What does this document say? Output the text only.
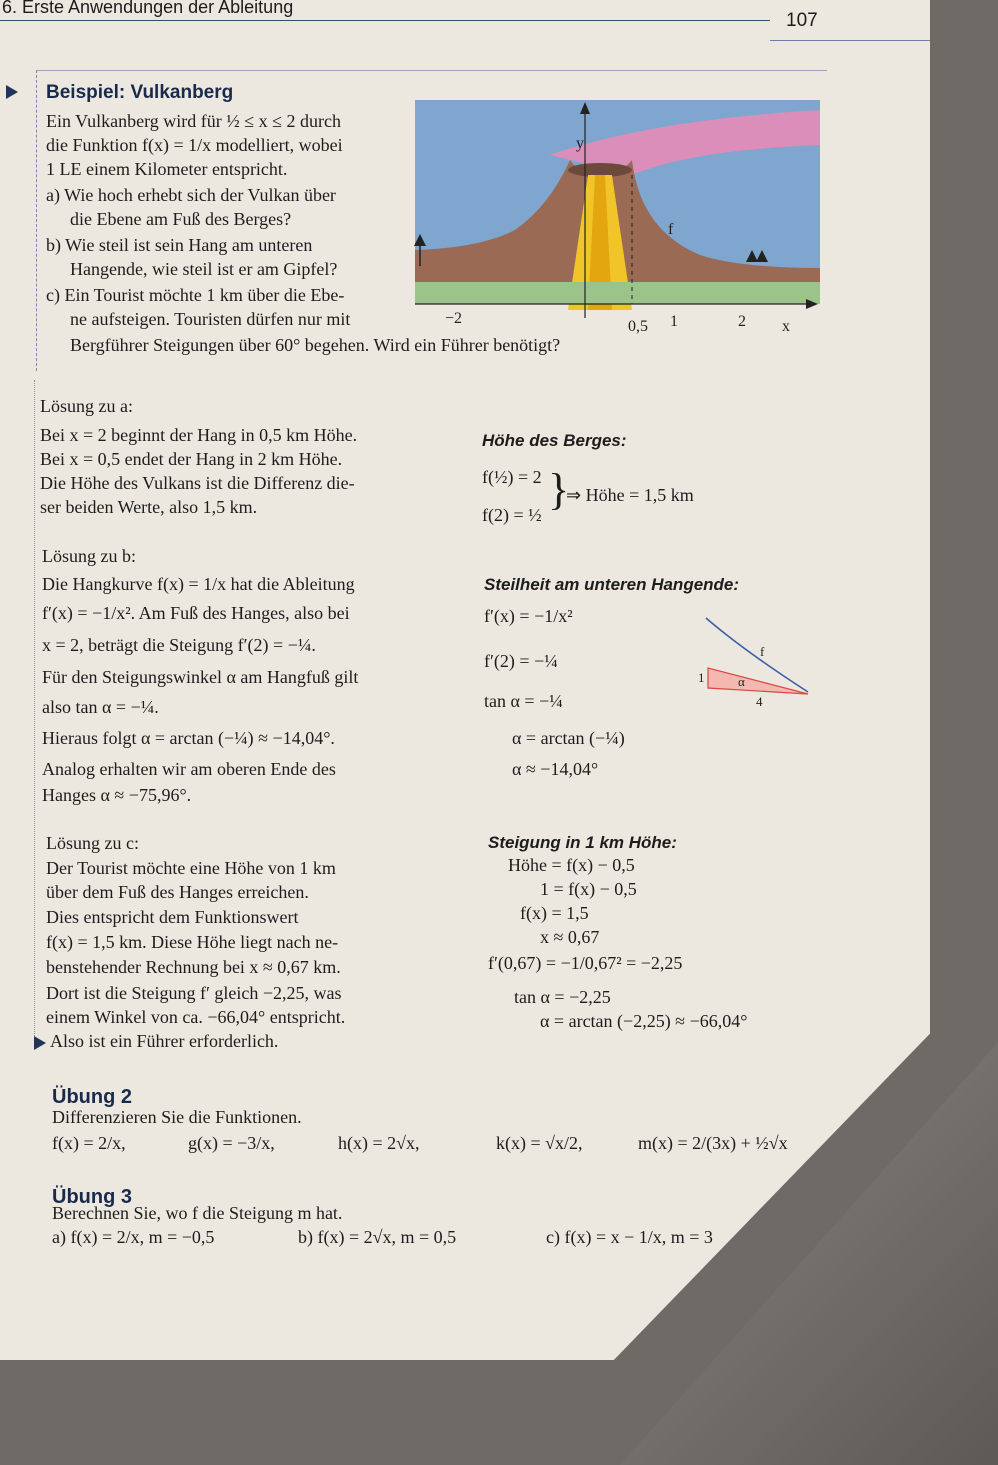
6. Erste Anwendungen der Ableitung
107
Beispiel: Vulkanberg
Ein Vulkanberg wird für ½ ≤ x ≤ 2 durch
die Funktion f(x) = 1/x modelliert, wobei
1 LE einem Kilometer entspricht.
a) Wie hoch erhebt sich der Vulkan über
die Ebene am Fuß des Berges?
b) Wie steil ist sein Hang am unteren
Hangende, wie steil ist er am Gipfel?
c) Ein Tourist möchte 1 km über die Ebe-
ne aufsteigen. Touristen dürfen nur mit
Bergführer Steigungen über 60° begehen. Wird ein Führer benötigt?
y
f
x
−2	0,5 1	2
Lösung zu a:
Bei x = 2 beginnt der Hang in 0,5 km Höhe.
Bei x = 0,5 endet der Hang in 2 km Höhe.
Die Höhe des Vulkans ist die Differenz die-
ser beiden Werte, also 1,5 km.
Höhe des Berges:
f(½) = 2
f(2) = ½
}
⇒ Höhe = 1,5 km
Lösung zu b:
Die Hangkurve f(x) = 1/x hat die Ableitung
f′(x) = −1/x². Am Fuß des Hanges, also bei
x = 2, beträgt die Steigung f′(2) = −¼.
Für den Steigungswinkel α am Hangfuß gilt
also tan α = −¼.
Hieraus folgt α = arctan (−¼) ≈ −14,04°.
Analog erhalten wir am oberen Ende des
Hanges α ≈ −75,96°.
Steilheit am unteren Hangende:
f′(x) = −1/x²
f′(2) = −¼
tan α = −¼
α = arctan (−¼)
α ≈ −14,04°
f
1	α
4
Lösung zu c:
Der Tourist möchte eine Höhe von 1 km
über dem Fuß des Hanges erreichen.
Dies entspricht dem Funktionswert
f(x) = 1,5 km. Diese Höhe liegt nach ne-
benstehender Rechnung bei x ≈ 0,67 km.
Dort ist die Steigung f′ gleich −2,25, was
einem Winkel von ca. −66,04° entspricht.
Also ist ein Führer erforderlich.
Steigung in 1 km Höhe:
Höhe = f(x) − 0,5
1 = f(x) − 0,5
f(x) = 1,5
x ≈ 0,67
f′(0,67) = −1/0,67² = −2,25
tan α = −2,25
α = arctan (−2,25) ≈ −66,04°
Übung 2
Differenzieren Sie die Funktionen.
f(x) = 2/x,	g(x) = −3/x,	h(x) = 2√x,	k(x) = √x/2,	m(x) = 2/(3x) + ½√x
Übung 3
Berechnen Sie, wo f die Steigung m hat.
a) f(x) = 2/x, m = −0,5	b) f(x) = 2√x, m = 0,5	c) f(x) = x − 1/x, m = 3
